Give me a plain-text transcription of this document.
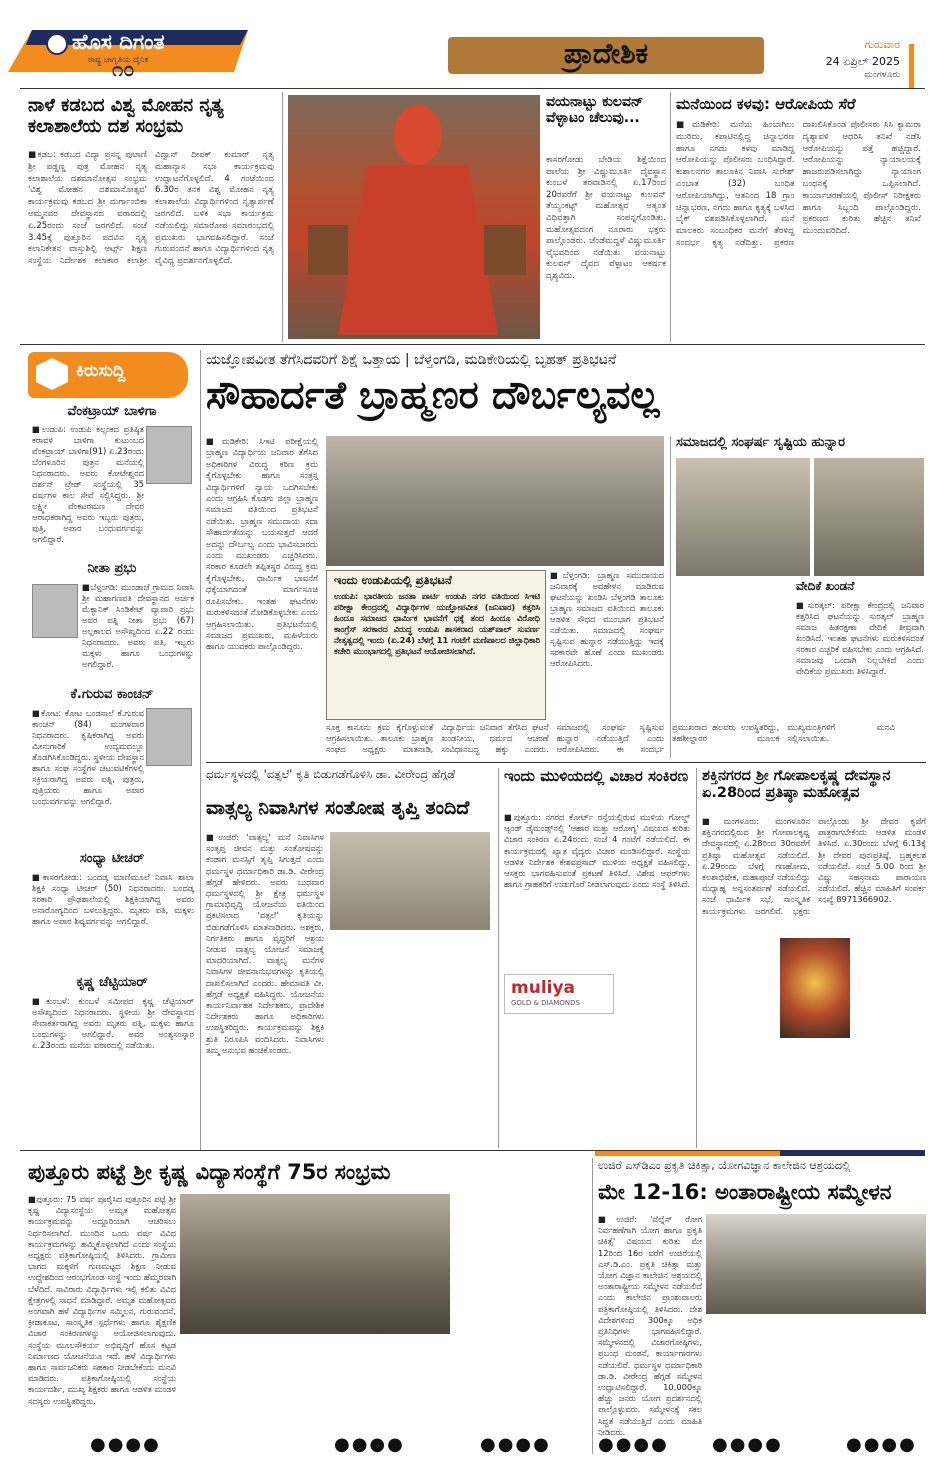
ಹೊಸ ದಿಗಂತ
ರಾಷ್ಟ್ರ ಜಾಗೃತಿಯ ದೈನಿಕ
೧೦	ಪ್ರಾದೇಶಿಕ	ಗುರುವಾರ
24 ಏಪ್ರಿಲ್ 2025
ಮಂಗಳೂರು
ನಾಳೆ ಕಡಬದ ವಿಶ್ವ ಮೋಹನ ನೃತ್ಯ ಕಲಾಶಾಲೆಯ ದಶ ಸಂಭ್ರಮ
■ಕಡಬ: ಕಡಬದ ವಿದ್ಯಾ ಪ್ರಸನ್ನ ಪುಟಾಣಿ ಶ್ರೀ ಪಡ್ಡಣ್ಣ ಪುತ್ರ ಮೋಹನ ನೃತ್ಯ ಕಲಾಶಾಲೆಯ ದಶಮಾನೋತ್ಸವ ಸಂಭ್ರಮ 'ವಿಶ್ವ ಮೋಹನ ದಶಮಾನೋತ್ಸವ' ಕಾರ್ಯಕ್ರಮವು ಕಡಬದ ಶ್ರೀ ದುರ್ಗಾಂಬಿಕಾ ಅಮ್ಮನವರ ದೇವಸ್ಥಾನದ ವಠಾರದಲ್ಲಿ ಏ.25ರಂದು ಸಂಜೆ ಜರಗಲಿದೆ. ಸಂಜೆ 3.45ಕ್ಕೆ ಪುತ್ತೂರಿನ ಪದವಿನ ನೃತ್ಯ ಕಲಾನಿಕೇತನ ವಾಸ್ತುಶಿಲ್ಪಿ ಆರ್ಟ್ಸ್ ಶಿಕ್ಷಣ ಸಂಸ್ಥೆಯ ನಿರ್ದೇಶಕ ಕಲಾಕಾರ ಕಲಾಶ್ರೀ ವಿದ್ವಾನ್ ದೀಪಕ್ ಕುಮಾರ್ ನೃತ್ಯ ಮಹಾನ್ಯಾಸ ಸಭಾ ಕಾರ್ಯಕ್ರಮವು ಉದ್ಘಾಟನೆಗೊಳ್ಳಲಿದೆ. 4 ಗಂಟೆಯಿಂದ 6.30ರ ತನಕ ವಿಶ್ವ ಮೋಹನ ನೃತ್ಯ ಕಲಾಶಾಲೆಯ ವಿದ್ಯಾರ್ಥಿಗಳಿಂದ ನೃತ್ಯಾರ್ಪಣೆ ಜರಗಲಿದೆ. ಬಳಿಕ ಸಭಾ ಕಾರ್ಯಕ್ರಮ ನಡೆಯಲಿದ್ದು ಸಮಾರೋಪ ಸಮಾರಂಭದಲ್ಲಿ ಪ್ರಮುಖರು ಭಾಗವಹಿಸಲಿದ್ದಾರೆ. ಸಂಜೆ ಗುರುವಂದನೆ ಹಾಗೂ ವಿದ್ಯಾರ್ಥಿಗಳಿಂದ ನೃತ್ಯ ವೈವಿಧ್ಯ ಪ್ರದರ್ಶನಗೊಳ್ಳಲಿದೆ.
ವಯನಾಟ್ಟು ಕುಲವನ್ ವೆಳ್ಳಾಟಂ ಚೆಲುವು...
ಕಾಸರಗೋಡು ಬೇಡಿಯ ಶಿಕ್ಷೆಯಿಂದ ಪಾಲೆಯ ಶ್ರೀ ವಿಷ್ಣುಮೂರ್ತಿ ದೈವಸ್ಥಾನ ಕುಂಬಳೆ ತರವಾಡಿನಲ್ಲಿ ಏ.17ರಿಂದ 20ರವರೆಗೆ ಶ್ರೀ ವಯನಾಟ್ಟು ಕುಲವನ್ ತೆಯ್ಯಂಕಟ್ಟ್ ಮಹೋತ್ಸವ ಅತ್ಯಂತ ವಿಧಿವತ್ತಾಗಿ ಸಂಪನ್ನಗೊಂಡಿತು. ಮಹೋತ್ಸವದಂಗ ನೂರಾರು ಭಕ್ತರು ಪಾಲ್ಗೊಂಡರು. ಚೆಂಡೆಮದ್ದಳೆ ವಿಷ್ಣುಮೂರ್ತಿ ವೈಭವದಿಂದ ನಡೆಯಿತು ವಯನಾಟ್ಟು ಕುಲವನ್ ದೈವದ ವೆಳ್ಳಾಟಂ ಆಕರ್ಷಕ ದೃಶ್ಯವಿದು.
ಮನೆಯಿಂದ ಕಳವು: ಆರೋಪಿಯ ಸೆರೆ
■ಮಡಿಕೇರಿ: ಮನೆಯ ಹಿಂಬಾಗಿಲು ಮುರಿದು, ಕಪಾಟಿನಲ್ಲಿದ್ದ ಚಿನ್ನಾಭರಣ ಹಾಗೂ ನಗದು ಕಳವು ಮಾಡಿದ್ದ ಆರೋಪಿಯನ್ನು ಪೊಲೀಸರು ಬಂಧಿಸಿದ್ದಾರೆ. ಕುಶಾಲನಗರ ತಾಲೂಕಿನ ನಿವಾಸಿ ಸುರೇಶ್ ಎಂಬಾತ (32) ಬಂಧಿತ ಆರೋಪಿಯಾಗಿದ್ದು, ಆತನಿಂದ 18 ಗ್ರಾಂ ಚಿನ್ನಾಭರಣ, ನಗದು ಹಾಗೂ ಕೃತ್ಯಕ್ಕೆ ಬಳಸಿದ ಬೈಕ್ ವಶಪಡಿಸಿಕೊಳ್ಳಲಾಗಿದೆ. ಮನೆ ಮಾಲಕರು ಸಂಬಂಧಿಕರ ಮನೆಗೆ ತೆರಳಿದ್ದ ಸಂದರ್ಭ ಕೃತ್ಯ ನಡೆದಿತ್ತು. ಪ್ರಕರಣ ದಾಖಲಿಸಿಕೊಂಡ ಪೊಲೀಸರು ಸಿಸಿ ಕ್ಯಾಮರಾ ದೃಶ್ಯಾವಳಿ ಆಧರಿಸಿ ತನಿಖೆ ನಡೆಸಿ ಆರೋಪಿಯನ್ನು ಪತ್ತೆ ಹಚ್ಚಿದ್ದಾರೆ. ಆರೋಪಿಯನ್ನು ನ್ಯಾಯಾಲಯಕ್ಕೆ ಹಾಜರುಪಡಿಸಲಾಗಿದ್ದು ನ್ಯಾಯಾಂಗ ಬಂಧನಕ್ಕೆ ಒಪ್ಪಿಸಲಾಗಿದೆ. ಕಾರ್ಯಾಚರಣೆಯಲ್ಲಿ ಪೊಲೀಸ್ ನಿರೀಕ್ಷಕರು ಹಾಗೂ ಸಿಬ್ಬಂದಿ ಪಾಲ್ಗೊಂಡಿದ್ದರು. ಪ್ರಕರಣದ ಕುರಿತು ಹೆಚ್ಚಿನ ತನಿಖೆ ಮುಂದುವರಿದಿದೆ.
ಕಿರುಸುದ್ದಿ
ವೆಂಕಟ್ರಾಯ್ ಬಾಳಿಗಾ
■ಉಡುಪಿ: ಉಡುಪಿ ಕಲ್ಸಂಕದ ಪ್ರತಿಷ್ಠಿತ ಕರಾವಳಿ ಬಾಳಿಗಾ ಕುಟುಂಬದ ವೆಂಕಟ್ರಾಯ್ ಬಾಳಿಗಾ(91) ಏ.23ರಂದು ಬೆಂಗಳೂರಿನ ಪುತ್ರನ ಮನೆಯಲ್ಲಿ ನಿಧನರಾದರು. ಅವರು ಕೋಟೇಶ್ವರದ ದರ್ಶನ್ ಟ್ರೇಡ್ ಸಂಸ್ಥೆಯಲ್ಲಿ 35 ವರ್ಷಗಳ ಕಾಲ ಸೇವೆ ಸಲ್ಲಿಸಿದ್ದರು. ಶ್ರೀ ಲಕ್ಷ್ಮೀ ವೆಂಕಟರಮಣ ದೇವರ ಆರಾಧಕರಾಗಿದ್ದ ಅವರು ಇಬ್ಬರು ಪುತ್ರರು, ಪುತ್ರಿ, ಅಪಾರ ಬಂಧುವರ್ಗವನ್ನು ಅಗಲಿದ್ದಾರೆ.
ನೀತಾ ಪ್ರಭು
■ಬೆಳ್ತಂಗಡಿ: ಮುಂಡಾಜೆ ಗ್ರಾಮದ ನಿವಾಸಿ ಶ್ರೀ ಮಹಾಗಣಪತಿ ದೇವಸ್ಥಾನದ ಅರ್ಚಕ ಮೆಕ್ಯಾನಿಕ್ ಸಿಂಡಿಕೇಟ್ ವ್ಯಾಪಾರಿ ಪ್ರಭು ಅವರ ಪತ್ನಿ ನೀತಾ ಪ್ರಭು (67) ಅಲ್ಪಕಾಲದ ಅಸೌಖ್ಯದಿಂದ ಏ.22 ರಂದು ನಿಧನರಾದರು. ಅವರು ಪತಿ, ಇಬ್ಬರು ಮಕ್ಕಳು ಹಾಗೂ ಬಂಧುಗಳನ್ನು ಅಗಲಿದ್ದಾರೆ.
ಕೆ.ಗುರುವ ಕಾಂಚನ್
■ಕೋಟ: ಕೋಟ ಬಂಡಸಾಲೆ ಕೆ.ಗುರುವ ಕಾಂಚನ್ (84) ಮಂಗಳವಾರ ನಿಧನರಾದರು. ಕೃಷಿಕರಾಗಿದ್ದ ಅವರು ಮೀನುಗಾರಿಕೆ ಉದ್ಯಮದಲ್ಲೂ ತೊಡಗಿಸಿಕೊಂಡಿದ್ದರು. ಸ್ಥಳೀಯ ದೇವಸ್ಥಾನ ಹಾಗೂ ಸಂಘ ಸಂಸ್ಥೆಗಳ ಚಟುವಟಿಕೆಗಳಲ್ಲಿ ಸಕ್ರಿಯರಾಗಿದ್ದ ಅವರು ಪತ್ನಿ, ಪುತ್ರರು, ಪುತ್ರಿಯರು ಹಾಗೂ ಅಪಾರ ಬಂಧುವರ್ಗವನ್ನು ಅಗಲಿದ್ದಾರೆ.
ಸಂಧ್ಯಾ ಟೀಚರ್
■ಕಾಸರಗೋಡು: ಬಂದಡ್ಕ ಮಾಣಿಮೂಲೆ ನಿವಾಸಿ ಶಾಲಾ ಶಿಕ್ಷಕಿ ಸಂಧ್ಯಾ ಟೀಚರ್ (50) ನಿಧನರಾದರು. ಬಂದಡ್ಕ ಸರಕಾರಿ ಪ್ರೌಢಶಾಲೆಯಲ್ಲಿ ಶಿಕ್ಷಕಿಯಾಗಿದ್ದ ಅವರು ಅನಾರೋಗ್ಯದಿಂದ ಬಳಲುತ್ತಿದ್ದರು. ಮೃತರು ಪತಿ, ಮಕ್ಕಳು ಹಾಗೂ ಅಪಾರ ಶಿಷ್ಯವರ್ಗವನ್ನು ಅಗಲಿದ್ದಾರೆ.
ಕೃಷ್ಣ ಚೆಟ್ಟಿಯಾರ್
■ಕುಂಬಳೆ: ಕುಂಬಳೆ ಸಮೀಪದ ಕೃಷ್ಣ ಚೆಟ್ಟಿಯಾರ್ ಅಸೌಖ್ಯದಿಂದ ನಿಧನರಾದರು. ಸ್ಥಳೀಯ ಶ್ರೀ ದೇವಸ್ಥಾನದ ಸೇವಾಕರ್ತರಾಗಿದ್ದ ಅವರು ಮೃತರು ಪತ್ನಿ, ಮಕ್ಕಳು ಹಾಗೂ ಬಂಧುಗಳನ್ನು ಅಗಲಿದ್ದಾರೆ. ಅವರ ಅಂತ್ಯಸಂಸ್ಕಾರ ಏ.23ರಂದು ಮನೆಯ ವಠಾರದಲ್ಲಿ ನಡೆಯಿತು.
ಯಜ್ಞೋಪವೀತ ತೆಗೆಸಿದವರಿಗೆ ಶಿಕ್ಷೆ ಒತ್ತಾಯ | ಬೆಳ್ತಂಗಡಿ, ಮಡಿಕೇರಿಯಲ್ಲಿ ಬೃಹತ್ ಪ್ರತಿಭಟನೆ
ಸೌಹಾರ್ದತೆ ಬ್ರಾಹ್ಮಣರ ದೌರ್ಬಲ್ಯವಲ್ಲ
■ಮಡಿಕೇರಿ: ಸಿಇಟಿ ಪರೀಕ್ಷೆಯಲ್ಲಿ ಬ್ರಾಹ್ಮಣ ವಿದ್ಯಾರ್ಥಿಯ ಜನಿವಾರ ತೆಗೆಸಿದ ಅಧಿಕಾರಿಗಳ ವಿರುದ್ಧ ಕಠಿಣ ಕ್ರಮ ಕೈಗೊಳ್ಳಬೇಕು ಹಾಗೂ ಸಂತ್ರಸ್ತ ವಿದ್ಯಾರ್ಥಿಗಳಿಗೆ ನ್ಯಾಯ ಒದಗಿಸಬೇಕು ಎಂದು ಆಗ್ರಹಿಸಿ ಕೊಡಗು ಜಿಲ್ಲಾ ಬ್ರಾಹ್ಮಣ ಸಮಾಜದ ವತಿಯಿಂದ ಪ್ರತಿಭಟನೆ ನಡೆಯಿತು. ಬ್ರಾಹ್ಮಣ ಸಮುದಾಯ ಸದಾ ಸೌಹಾರ್ದತೆಯನ್ನು ಬಯಸುತ್ತದೆ ಆದರೆ ಅದನ್ನು ದೌರ್ಬಲ್ಯ ಎಂದು ಭಾವಿಸಬಾರದು ಎಂದು ಮುಖಂಡರು ಎಚ್ಚರಿಸಿದರು. ಸರಕಾರ ಕೂಡಲೇ ತಪ್ಪಿತಸ್ಥರ ವಿರುದ್ಧ ಕ್ರಮ ಕೈಗೊಳ್ಳಬೇಕು, ಧಾರ್ಮಿಕ ಭಾವನೆಗೆ ಧಕ್ಕೆಯಾಗದಂತೆ ಮಾರ್ಗಸೂಚಿ ರೂಪಿಸಬೇಕು. ಇಂತಹ ಘಟನೆಗಳು ಮರುಕಳಿಸದಂತೆ ನೋಡಿಕೊಳ್ಳಬೇಕು ಎಂದು ಆಗ್ರಹಿಸಲಾಯಿತು. ಪ್ರತಿಭಟನೆಯಲ್ಲಿ ಸಮಾಜದ ಪ್ರಮುಖರು, ಮಹಿಳೆಯರು ಹಾಗೂ ಯುವಕರು ಪಾಲ್ಗೊಂಡಿದ್ದರು.
ಇಂದು ಉಡುಪಿಯಲ್ಲಿ ಪ್ರತಿಭಟನೆ
ಉಡುಪಿ: ಭಾರತೀಯ ಜನತಾ ಪಾರ್ಟಿ ಉಡುಪಿ ನಗರ ವತಿಯಿಂದ ಸಿಇಟಿ ಪರೀಕ್ಷಾ ಕೇಂದ್ರದಲ್ಲಿ ವಿದ್ಯಾರ್ಥಿಗಳ ಯಜ್ಞೋಪವೀತ (ಜನಿವಾರ) ಕತ್ತರಿಸಿ ಹಿಂದೂ ಸಮಾಜದ ಧಾರ್ಮಿಕ ಭಾವನೆಗೆ ಧಕ್ಕೆ ತಂದ ಹಿಂದೂ ವಿರೋಧಿ ಕಾಂಗ್ರೆಸ್ ಸರಕಾರದ ವಿರುದ್ಧ ಉಡುಪಿ ಶಾಸಕರಾದ ಯಶ್‌ಪಾಲ್ ಸುವರ್ಣ ನೇತೃತ್ವದಲ್ಲಿ ಇಂದು (ಏ.24) ಬೆಳಗ್ಗೆ 11 ಗಂಟೆಗೆ ಮಣಿಪಾಲದ ಜಿಲ್ಲಾಧಿಕಾರಿ ಕಚೇರಿ ಮುಂಭಾಗದಲ್ಲಿ ಪ್ರತಿಭಟನೆ ಆಯೋಜಿಸಲಾಗಿದೆ.
ಸೂಕ್ತ ಕಾನೂನು ಕ್ರಮ ಕೈಗೊಳ್ಳುವಂತೆ ಆಗ್ರಹಿಸಲಾಯಿತು. ತಾಲೂಕು ಬ್ರಾಹ್ಮಣ ಸಂಘದ ಅಧ್ಯಕ್ಷರು ಮಾತನಾಡಿ, ವಿದ್ಯಾರ್ಥಿಯ ಜನಿವಾರ ತೆಗೆಸಿದ ಘಟನೆ ಖಂಡನೀಯ, ಧರ್ಮದ ಆಚರಣೆ ಸಂವಿಧಾನಬದ್ಧ ಹಕ್ಕು ಎಂದರು. ಸಮಾಜದಲ್ಲಿ ಸಂಘರ್ಷ ಸೃಷ್ಟಿಸುವ ಹುನ್ನಾರ ನಡೆಯುತ್ತಿದೆ ಎಂದು ಆರೋಪಿಸಿದರು. ಈ ಸಂದರ್ಭ ಪ್ರಮುಖರಾದ ಹಲವರು ಉಪಸ್ಥಿತರಿದ್ದು, ತಹಶೀಲ್ದಾರರ ಮೂಲಕ ಮುಖ್ಯಮಂತ್ರಿಗಳಿಗೆ ಮನವಿ ಸಲ್ಲಿಸಲಾಯಿತು.
■ಬೆಳ್ತಂಗಡಿ: ಬ್ರಾಹ್ಮಣ ಸಮುದಾಯದ ಜನಿವಾರಕ್ಕೆ ಅವಹೇಳನ ಮಾಡಿರುವ ಘಟನೆಯನ್ನು ಖಂಡಿಸಿ ಬೆಳ್ತಂಗಡಿ ತಾಲೂಕು ಬ್ರಾಹ್ಮಣ ಸಮಾಜದ ವತಿಯಿಂದ ತಾಲೂಕು ಆಡಳಿತ ಸೌಧದ ಮುಂಭಾಗ ಪ್ರತಿಭಟನೆ ನಡೆಯಿತು. ಸಮಾಜದಲ್ಲಿ ಸಂಘರ್ಷ ಸೃಷ್ಟಿಸುವ ಹುನ್ನಾರ ನಡೆಯುತ್ತಿದ್ದು ಇದಕ್ಕೆ ಸರಕಾರವೇ ಹೊಣೆ ಎಂದು ಮುಖಂಡರು ಆರೋಪಿಸಿದರು.
ಸಮಾಜದಲ್ಲಿ ಸಂಘರ್ಷ ಸೃಷ್ಟಿಯ ಹುನ್ನಾರ
ವೇದಿಕೆ ಖಂಡನೆ
■ಸುರತ್ಕಲ್: ಪರೀಕ್ಷಾ ಕೇಂದ್ರದಲ್ಲಿ ಜನಿವಾರ ಕತ್ತರಿಸಿದ ಘಟನೆಯನ್ನು ಸುರತ್ಕಲ್ ಬ್ರಾಹ್ಮಣ ಸಮಾಜ ಹಿತರಕ್ಷಣಾ ವೇದಿಕೆ ತೀವ್ರವಾಗಿ ಖಂಡಿಸಿದೆ. ಇಂತಹ ಘಟನೆಗಳು ಮರುಕಳಿಸದಂತೆ ಸರಕಾರ ಎಚ್ಚರಿಕೆ ವಹಿಸಬೇಕು ಎಂದು ಆಗ್ರಹಿಸಿದೆ. ಸಮಾಜವು ಒಂದಾಗಿ ನಿಲ್ಲಬೇಕಿದೆ ಎಂದು ವೇದಿಕೆಯ ಪ್ರಮುಖರು ತಿಳಿಸಿದ್ದಾರೆ.
ಧರ್ಮಸ್ಥಳದಲ್ಲಿ 'ವತ್ಸಲೆ' ಕೃತಿ ಬಿಡುಗಡೆಗೊಳಿಸಿ ಡಾ. ವೀರೇಂದ್ರ ಹೆಗ್ಗಡೆ
ವಾತ್ಸಲ್ಯ ನಿವಾಸಿಗಳ ಸಂತೋಷ ತೃಪ್ತಿ ತಂದಿದೆ
■ಉಜಿರೆ: 'ವಾತ್ಸಲ್ಯ' ಮನೆ ನಿವಾಸಿಗಳ ಸಂತೃಪ್ತ ಜೀವನ ಮತ್ತು ಸಂತೋಷವನ್ನು ಕಂಡಾಗ ಮನಸ್ಸಿಗೆ ತೃಪ್ತಿ ಸಿಗುತ್ತದೆ ಎಂದು ಧರ್ಮಸ್ಥಳ ಧರ್ಮಾಧಿಕಾರಿ ಡಾ.ಡಿ. ವೀರೇಂದ್ರ ಹೆಗ್ಗಡೆ ಹೇಳಿದರು. ಅವರು ಬುಧವಾರ ಧರ್ಮಸ್ಥಳದಲ್ಲಿ ಶ್ರೀ ಕ್ಷೇತ್ರ ಧರ್ಮಸ್ಥಳ ಗ್ರಾಮಾಭಿವೃದ್ಧಿ ಯೋಜನೆಯ ವತಿಯಿಂದ ಪ್ರಕಟಿಸಲಾದ 'ವತ್ಸಲೆ' ಕೃತಿಯನ್ನು ಬಿಡುಗಡೆಗೊಳಿಸಿ ಮಾತನಾಡಿದರು. ಅಶಕ್ತರು, ನಿರ್ಗತಿಕರು ಹಾಗೂ ವೃದ್ಧರಿಗೆ ಆಶ್ರಯ ನೀಡುವ ವಾತ್ಸಲ್ಯ ಯೋಜನೆ ಸಮಾಜಕ್ಕೆ ಮಾದರಿಯಾಗಿದೆ. ವಾತ್ಸಲ್ಯ ಮನೆಗಳ ನಿವಾಸಿಗಳ ಜೀವನಾನುಭವಗಳನ್ನು ಕೃತಿಯಲ್ಲಿ ದಾಖಲಿಸಲಾಗಿದೆ ಎಂದರು. ಹೇಮಾವತಿ ವೀ. ಹೆಗ್ಗಡೆ ಅಧ್ಯಕ್ಷತೆ ವಹಿಸಿದ್ದರು. ಯೋಜನೆಯ ಕಾರ್ಯನಿರ್ವಾಹಕ ನಿರ್ದೇಶಕರು, ಪ್ರಾದೇಶಿಕ ನಿರ್ದೇಶಕರು ಹಾಗೂ ಅಧಿಕಾರಿಗಳು ಉಪಸ್ಥಿತರಿದ್ದರು. ಕಾರ್ಯಕ್ರಮವನ್ನು ಶಿಕ್ಷಕಿ ಶ್ರುತಿ ನಿರೂಪಿಸಿ ವಂದಿಸಿದರು. ನಿವಾಸಿಗಳು ತಮ್ಮ ಅನುಭವ ಹಂಚಿಕೊಂಡರು.
ಇಂದು ಮುಳಿಯದಲ್ಲಿ ವಿಚಾರ ಸಂಕಿರಣ
■ಪುತ್ತೂರು: ನಗರದ ಕೋರ್ಟ್ ರಸ್ತೆಯಲ್ಲಿರುವ ಮುಳಿಯ ಗೋಲ್ಡ್ ಆ್ಯಂಡ್ ಡೈಮಂಡ್ಸ್‌ನಲ್ಲಿ 'ಆಹಾರ ಮತ್ತು ಆರೋಗ್ಯ' ವಿಷಯದ ಕುರಿತು ವಿಚಾರ ಸಂಕಿರಣ ಏ.24ರಂದು ಸಂಜೆ 4 ಗಂಟೆಗೆ ನಡೆಯಲಿದೆ. ಈ ಕಾರ್ಯಕ್ರಮದಲ್ಲಿ ಖ್ಯಾತ ವೈದ್ಯರು ವಿಚಾರ ಮಂಡಿಸಲಿದ್ದಾರೆ. ಸಂಸ್ಥೆಯ ಆಡಳಿತ ನಿರ್ದೇಶಕ ಕೇಶವಪ್ರಸಾದ್ ಮುಳಿಯ ಅಧ್ಯಕ್ಷತೆ ವಹಿಸಲಿದ್ದು, ಆಸಕ್ತರು ಭಾಗವಹಿಸುವಂತೆ ಪ್ರಕಟಣೆ ತಿಳಿಸಿದೆ. ವಿಶೇಷ ಆಫರ್‌ಗಳು ಹಾಗೂ ಗ್ರಾಹಕರಿಗೆ ಉಡುಗೊರೆ ನೀಡಲಾಗುವುದು ಎಂದು ಸಂಸ್ಥೆ ತಿಳಿಸಿದೆ.
muliya
GOLD & DIAMONDS
ಶಕ್ತಿನಗರದ ಶ್ರೀ ಗೋಪಾಲಕೃಷ್ಣ ದೇವಸ್ಥಾನ ಏ.28ರಿಂದ ಪ್ರತಿಷ್ಠಾ ಮಹೋತ್ಸವ
■ಮಂಗಳೂರು: ಮಂಗಳೂರಿನ ಶಕ್ತಿನಗರದಲ್ಲಿರುವ ಶ್ರೀ ಗೋಪಾಲಕೃಷ್ಣ ದೇವಸ್ಥಾನದಲ್ಲಿ ಏ.28ರಿಂದ 30ರವರೆಗೆ ಪ್ರತಿಷ್ಠಾ ಮಹೋತ್ಸವ ನಡೆಯಲಿದೆ. ಏ.29ರಂದು ಬೆಳಗ್ಗೆ ಗಣಹೋಮ, ಕಲಶಾಭಿಷೇಕ, ಮಹಾಪೂಜೆ ನಡೆಯಲಿದ್ದು ಮಧ್ಯಾಹ್ನ ಅನ್ನಸಂತರ್ಪಣೆ ನಡೆಯಲಿದೆ. ಸಂಜೆ ಧಾರ್ಮಿಕ ಸಭೆ, ಸಾಂಸ್ಕೃತಿಕ ಕಾರ್ಯಕ್ರಮಗಳು ಜರಗಲಿವೆ. ಭಕ್ತರು ಪಾಲ್ಗೊಂಡು ಶ್ರೀ ದೇವರ ಕೃಪೆಗೆ ಪಾತ್ರರಾಗಬೇಕೆಂದು ಆಡಳಿತ ಮಂಡಳಿ ತಿಳಿಸಿದೆ. ಏ.30ರಂದು ಬೆಳಗ್ಗೆ 6.13ಕ್ಕೆ ಶ್ರೀ ದೇವರ ಪುನಃಪ್ರತಿಷ್ಠೆ, ಬ್ರಹ್ಮಕಲಶ ನಡೆಯಲಿದೆ. ಸಂಜೆ 5.00 ರಿಂದ ಶ್ರೀ ವಿಷ್ಣು ಸಹಸ್ರನಾಮ ಪಾರಾಯಣ ನಡೆಯಲಿದೆ. ಹೆಚ್ಚಿನ ಮಾಹಿತಿಗೆ ಸಂಪರ್ಕ ಸಂಖ್ಯೆ 8971366902.
ಪುತ್ತೂರು ಪಟ್ಟೆ ಶ್ರೀ ಕೃಷ್ಣ ವಿದ್ಯಾಸಂಸ್ಥೆಗೆ 75ರ ಸಂಭ್ರಮ
■ಪುತ್ತೂರು: 75 ವರ್ಷ ಪೂರೈಸಿದ ಪುತ್ತೂರಿನ ಪಟ್ಟೆ ಶ್ರೀ ಕೃಷ್ಣ ವಿದ್ಯಾಸಂಸ್ಥೆಯ ಅಮೃತ ಮಹೋತ್ಸವ ಕಾರ್ಯಕ್ರಮವನ್ನು ಅದ್ದೂರಿಯಾಗಿ ಆಚರಿಸಲು ನಿರ್ಧರಿಸಲಾಗಿದೆ. ಮುಂದಿನ ಒಂದು ವರ್ಷ ವಿವಿಧ ಕಾರ್ಯಕ್ರಮಗಳನ್ನು ಹಮ್ಮಿಕೊಳ್ಳಲಾಗಿದೆ ಎಂದು ಸಂಸ್ಥೆಯ ಅಧ್ಯಕ್ಷರು ಪತ್ರಿಕಾಗೋಷ್ಠಿಯಲ್ಲಿ ತಿಳಿಸಿದರು. ಗ್ರಾಮೀಣ ಭಾಗದ ಮಕ್ಕಳಿಗೆ ಗುಣಮಟ್ಟದ ಶಿಕ್ಷಣ ನೀಡುವ ಉದ್ದೇಶದಿಂದ ಆರಂಭಗೊಂಡ ಸಂಸ್ಥೆ ಇಂದು ಹೆಮ್ಮರವಾಗಿ ಬೆಳೆದಿದೆ. ಸಾವಿರಾರು ವಿದ್ಯಾರ್ಥಿಗಳು ಇಲ್ಲಿ ಕಲಿತು ವಿವಿಧ ಕ್ಷೇತ್ರಗಳಲ್ಲಿ ಸಾಧನೆ ಮಾಡಿದ್ದಾರೆ. ಅಮೃತ ಮಹೋತ್ಸವದ ಅಂಗವಾಗಿ ಹಳೆ ವಿದ್ಯಾರ್ಥಿಗಳ ಸಮ್ಮಿಲನ, ಗುರುವಂದನೆ, ಕ್ರೀಡಾಕೂಟ, ಸಾಂಸ್ಕೃತಿಕ ಸ್ಪರ್ಧೆಗಳು ಹಾಗೂ ಶೈಕ್ಷಣಿಕ ವಿಚಾರ ಸಂಕಿರಣಗಳನ್ನು ಆಯೋಜಿಸಲಾಗುವುದು. ಸಂಸ್ಥೆಯ ಮೂಲಸೌಕರ್ಯ ಅಭಿವೃದ್ಧಿಗೆ ಹೊಸ ಕಟ್ಟಡ ನಿರ್ಮಾಣದ ಯೋಜನೆಯೂ ಇದೆ. ಹಳೆ ವಿದ್ಯಾರ್ಥಿಗಳು ಹಾಗೂ ಸಾರ್ವಜನಿಕರು ಸಹಕಾರ ನೀಡಬೇಕೆಂದು ಮನವಿ ಮಾಡಿದರು. ಪತ್ರಿಕಾಗೋಷ್ಠಿಯಲ್ಲಿ ಸಂಸ್ಥೆಯ ಕಾರ್ಯದರ್ಶಿ, ಮುಖ್ಯ ಶಿಕ್ಷಕರು ಹಾಗೂ ಆಡಳಿತ ಮಂಡಳಿ ಸದಸ್ಯರು ಉಪಸ್ಥಿತರಿದ್ದರು.
●●●●	●●●●	●●●●
ಉಜಿರೆ ಎಸ್‌ಡಿಎಂ ಪ್ರಕೃತಿ ಚಿಕಿತ್ಸಾ, ಯೋಗವಿಜ್ಞಾನ ಕಾಲೇಜಿನ ಆಶ್ರಯದಲ್ಲಿ
ಮೇ 12-16: ಅಂತಾರಾಷ್ಟ್ರೀಯ ಸಮ್ಮೇಳನ
■ಉಜಿರೆ: 'ವೆಲ್ನೆಸ್ ರೋಗ ನಿರ್ವಹಣೆಗಾಗಿ ಯೋಗ ಹಾಗೂ ಪ್ರಕೃತಿ ಚಿಕಿತ್ಸೆ' ವಿಷಯದ ಕುರಿತು ಮೇ 12ರಿಂದ 16ರ ವರೆಗೆ ಉಜಿರೆಯಲ್ಲಿ ಎಸ್.ಡಿ.ಎಂ. ಪ್ರಕೃತಿ ಚಿಕಿತ್ಸಾ ಮತ್ತು ಯೋಗ ವಿಜ್ಞಾನ ಕಾಲೇಜಿನ ಆಶ್ರಯದಲ್ಲಿ ಅಂತಾರಾಷ್ಟ್ರೀಯ ಸಮ್ಮೇಳನ ನಡೆಯಲಿದೆ ಎಂದು ಕಾಲೇಜಿನ ಪ್ರಾಂಶುಪಾಲರು ಪತ್ರಿಕಾಗೋಷ್ಠಿಯಲ್ಲಿ ತಿಳಿಸಿದರು. ದೇಶ ವಿದೇಶಗಳಿಂದ 300ಕ್ಕೂ ಅಧಿಕ ಪ್ರತಿನಿಧಿಗಳು ಭಾಗವಹಿಸಲಿದ್ದಾರೆ. ಸಮ್ಮೇಳನದಲ್ಲಿ ವಿಚಾರಗೋಷ್ಠಿಗಳು, ಪ್ರಬಂಧ ಮಂಡನೆ, ಕಾರ್ಯಾಗಾರಗಳು ನಡೆಯಲಿವೆ. ಧರ್ಮಸ್ಥಳ ಧರ್ಮಾಧಿಕಾರಿ ಡಾ.ಡಿ. ವೀರೇಂದ್ರ ಹೆಗ್ಗಡೆ ಸಮ್ಮೇಳನ ಉದ್ಘಾಟಿಸಲಿದ್ದಾರೆ. 10,000ಕ್ಕೂ ಹೆಚ್ಚು ಜನರು ಯೋಗ ಪ್ರದರ್ಶನದಲ್ಲಿ ಪಾಲ್ಗೊಳ್ಳುವರು. ಸಮ್ಮೇಳನಕ್ಕೆ ಸಕಲ ಸಿದ್ಧತೆ ನಡೆಯುತ್ತಿದೆ ಎಂದು ಮಾಹಿತಿ ನೀಡಿದರು.
●●●● ●●●●	●●●●
